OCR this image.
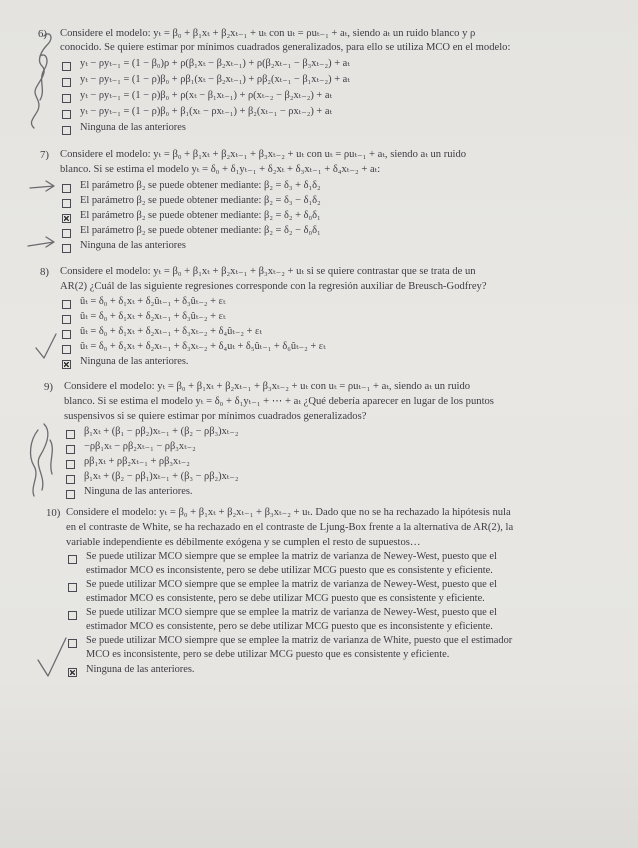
6) Considere el modelo: yₜ = β₀ + β₁xₜ + β₂xₜ₋₁ + uₜ con uₜ = ρuₜ₋₁ + aₜ, siendo aₜ un ruido blanco y ρ
conocido. Se quiere estimar por mínimos cuadrados generalizados, para ello se utiliza MCO en el modelo:
yₜ − ρyₜ₋₁ = (1 − β₀)ρ + ρ(β₁xₜ − β₂xₜ₋₁) + ρ(β₂xₜ₋₁ − β₃xₜ₋₂) + aₜ
yₜ − ρyₜ₋₁ = (1 − ρ)β₀ + ρβ₁(xₜ − β₂xₜ₋₁) + ρβ₂(xₜ₋₁ − β₁xₜ₋₂) + aₜ
yₜ − ρyₜ₋₁ = (1 − ρ)β₀ + ρ(xₜ − β₁xₜ₋₁) + ρ(xₜ₋₂ − β₂xₜ₋₂) + aₜ
yₜ − ρyₜ₋₁ = (1 − ρ)β₀ + β₁(xₜ − ρxₜ₋₁) + β₂(xₜ₋₁ − ρxₜ₋₂) + aₜ
Ninguna de las anteriores
7) Considere el modelo: yₜ = β₀ + β₁xₜ + β₂xₜ₋₁ + β₃xₜ₋₂ + uₜ con uₜ = ρuₜ₋₁ + aₜ, siendo aₜ un ruido
blanco. Si se estima el modelo yₜ = δ₀ + δ₁yₜ₋₁ + δ₂xₜ + δ₃xₜ₋₁ + δ₄xₜ₋₂ + aₜ:
El parámetro β₂ se puede obtener mediante: β₂ = δ₃ + δ₁δ₂
El parámetro β₂ se puede obtener mediante: β₂ = δ₃ − δ₁δ₂
El parámetro β₂ se puede obtener mediante: β₂ = δ₂ + δ₀δ₁
El parámetro β₂ se puede obtener mediante: β₂ = δ₂ − δ₀δ₁
Ninguna de las anteriores
8) Considere el modelo: yₜ = β₀ + β₁xₜ + β₂xₜ₋₁ + β₃xₜ₋₂ + uₜ si se quiere contrastar que se trata de un
AR(2) ¿Cuál de las siguiente regresiones corresponde con la regresión auxiliar de Breusch-Godfrey?
ûₜ = δ₀ + δ₁xₜ + δ₂ûₜ₋₁ + δ₃ûₜ₋₂ + εₜ
ûₜ = δ₀ + δ₁xₜ + δ₂xₜ₋₁ + δ₃ûₜ₋₂ + εₜ
ûₜ = δ₀ + δ₁xₜ + δ₂xₜ₋₁ + δ₃xₜ₋₂ + δ₄ûₜ₋₂ + εₜ
ûₜ = δ₀ + δ₁xₜ + δ₂xₜ₋₁ + δ₃xₜ₋₂ + δ₄uₜ + δ₅ûₜ₋₁ + δ₆ûₜ₋₂ + εₜ
Ninguna de las anteriores.
9) Considere el modelo: yₜ = β₀ + β₁xₜ + β₂xₜ₋₁ + β₃xₜ₋₂ + uₜ con uₜ = ρuₜ₋₁ + aₜ, siendo aₜ un ruido
blanco. Si se estima el modelo yₜ = δ₀ + δ₁yₜ₋₁ + ⋯ + aₜ ¿Qué debería aparecer en lugar de los puntos
suspensivos si se quiere estimar por mínimos cuadrados generalizados?
β₁xₜ + (β₁ − ρβ₂)xₜ₋₁ + (β₂ − ρβ₃)xₜ₋₂
−ρβ₁xₜ − ρβ₂xₜ₋₁ − ρβ₃xₜ₋₂
ρβ₁xₜ + ρβ₂xₜ₋₁ + ρβ₃xₜ₋₂
β₁xₜ + (β₂ − ρβ₁)xₜ₋₁ + (β₃ − ρβ₂)xₜ₋₂
Ninguna de las anteriores.
10) Considere el modelo: yₜ = β₀ + β₁xₜ + β₂xₜ₋₁ + β₃xₜ₋₂ + uₜ. Dado que no se ha rechazado la hipótesis nula
en el contraste de White, se ha rechazado en el contraste de Ljung-Box frente a la alternativa de AR(2), la
variable independiente es débilmente exógena y se cumplen el resto de supuestos…
Se puede utilizar MCO siempre que se emplee la matriz de varianza de Newey-West, puesto que el
estimador MCO es inconsistente, pero se debe utilizar MCG puesto que es consistente y eficiente.
Se puede utilizar MCO siempre que se emplee la matriz de varianza de Newey-West, puesto que el
estimador MCO es consistente, pero se debe utilizar MCG puesto que es consistente y eficiente.
Se puede utilizar MCO siempre que se emplee la matriz de varianza de Newey-West, puesto que el
estimador MCO es consistente, pero se debe utilizar MCG puesto que es inconsistente y eficiente.
Se puede utilizar MCO siempre que se emplee la matriz de varianza de White, puesto que el estimador
MCO es inconsistente, pero se debe utilizar MCG puesto que es consistente y eficiente.
Ninguna de las anteriores.
